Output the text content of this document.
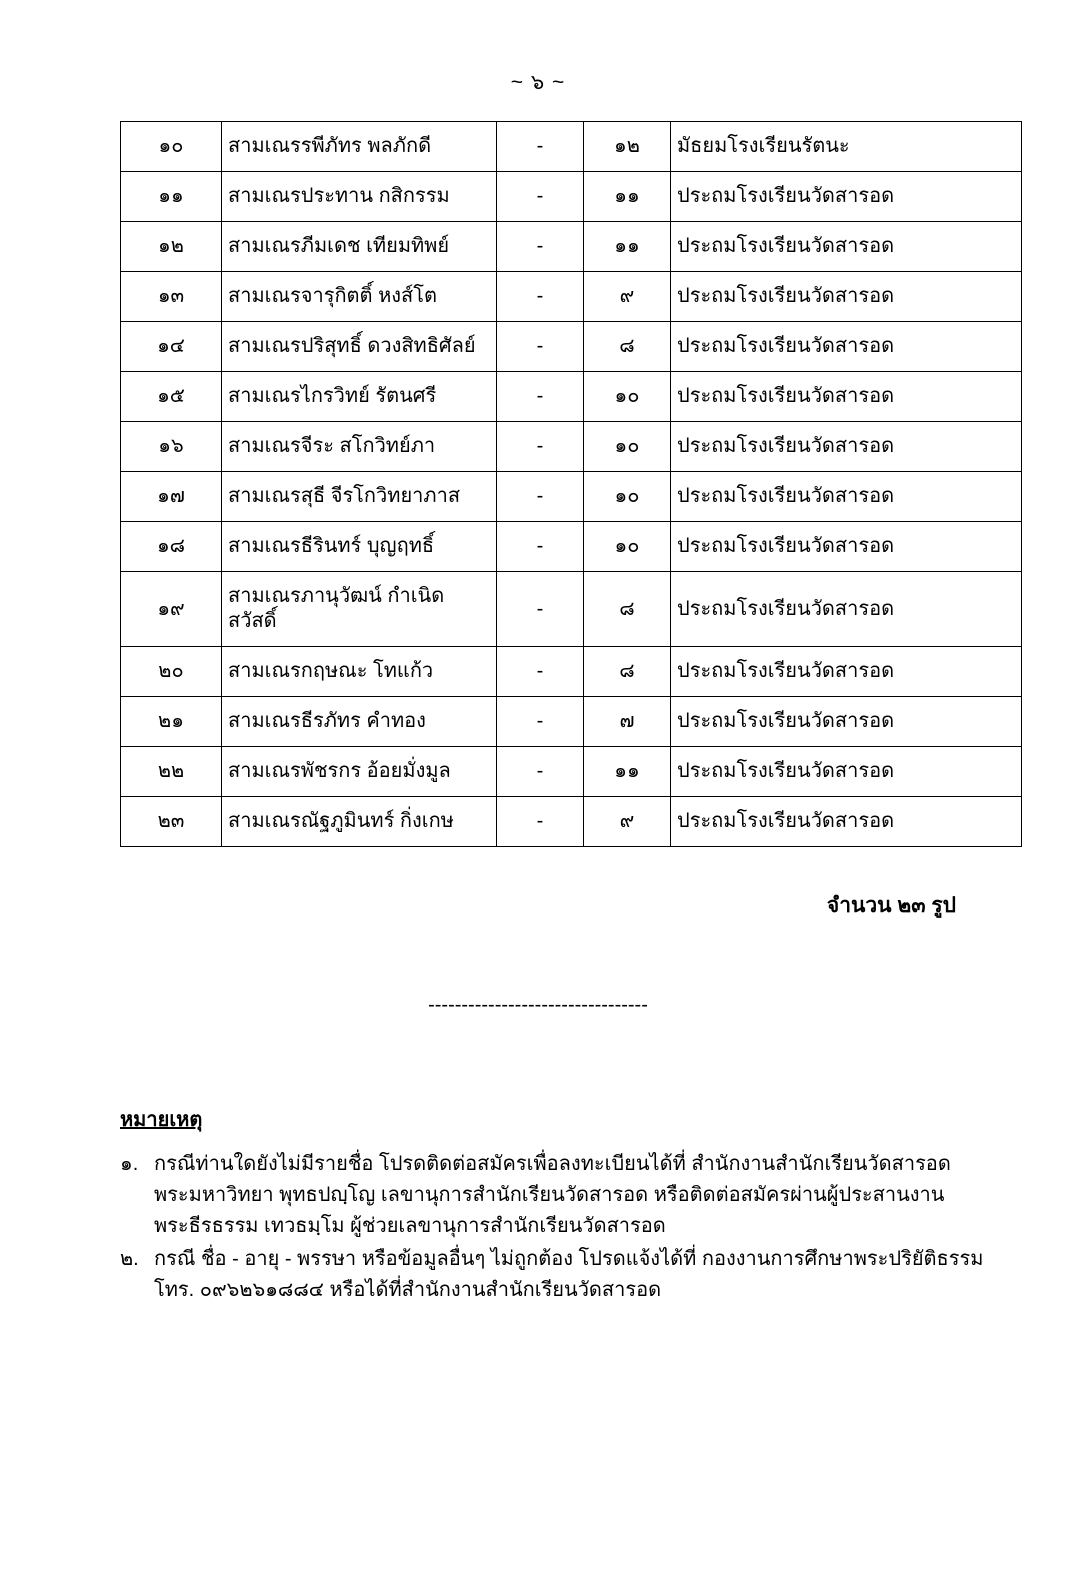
~ ๖ ~
๑๐	สามเณรรพีภัทร พลภักดี	-	๑๒	มัธยมโรงเรียนรัตนะ
๑๑	สามเณรประทาน กสิกรรม	-	๑๑	ประถมโรงเรียนวัดสารอด
๑๒	สามเณรภีมเดช เทียมทิพย์	-	๑๑	ประถมโรงเรียนวัดสารอด
๑๓	สามเณรจารุกิตติ์ หงส์โต	-	๙	ประถมโรงเรียนวัดสารอด
๑๔	สามเณรปริสุทธิ์ ดวงสิทธิศัลย์	-	๘	ประถมโรงเรียนวัดสารอด
๑๕	สามเณรไกรวิทย์ รัตนศรี	-	๑๐	ประถมโรงเรียนวัดสารอด
๑๖	สามเณรจีระ สโกวิทย์ภา	-	๑๐	ประถมโรงเรียนวัดสารอด
๑๗	สามเณรสุธี จีรโกวิทยาภาส	-	๑๐	ประถมโรงเรียนวัดสารอด
๑๘	สามเณรธีรินทร์ บุญฤทธิ์	-	๑๐	ประถมโรงเรียนวัดสารอด
๑๙	สามเณรภานุวัฒน์ กำเนิดสวัสดิ์	-	๘	ประถมโรงเรียนวัดสารอด
๒๐	สามเณรกฤษณะ โทแก้ว	-	๘	ประถมโรงเรียนวัดสารอด
๒๑	สามเณรธีรภัทร คำทอง	-	๗	ประถมโรงเรียนวัดสารอด
๒๒	สามเณรพัชรกร อ้อยมั่งมูล	-	๑๑	ประถมโรงเรียนวัดสารอด
๒๓	สามเณรณัฐภูมินทร์ กิ่งเกษ	-	๙	ประถมโรงเรียนวัดสารอด
จำนวน ๒๓ รูป
---------------------------------
หมายเหตุ
๑. กรณีท่านใดยังไม่มีรายชื่อ โปรดติดต่อสมัครเพื่อลงทะเบียนได้ที่ สำนักงานสำนักเรียนวัดสารอด
พระมหาวิทยา พุทธปญฺโญ เลขานุการสำนักเรียนวัดสารอด หรือติดต่อสมัครผ่านผู้ประสานงาน
พระธีรธรรม เทวธมฺโม ผู้ช่วยเลขานุการสำนักเรียนวัดสารอด
๒. กรณี ชื่อ - อายุ - พรรษา หรือข้อมูลอื่นๆ ไม่ถูกต้อง โปรดแจ้งได้ที่ กองงานการศึกษาพระปริยัติธรรม
โทร. ๐๙๖๒๖๑๘๘๔ หรือได้ที่สำนักงานสำนักเรียนวัดสารอด
